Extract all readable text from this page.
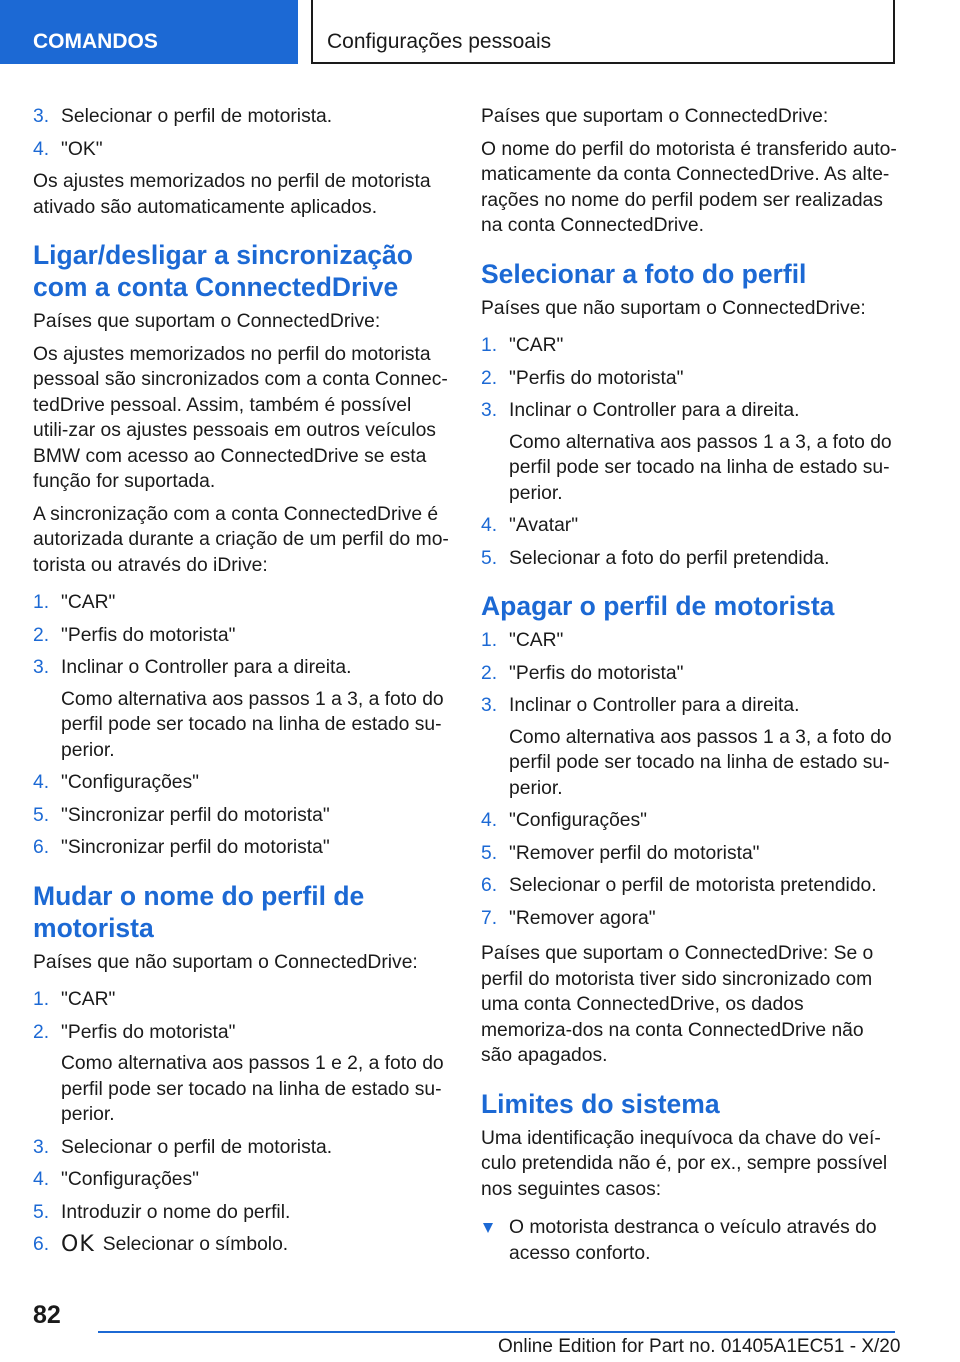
COMANDOS	Configurações pessoais
3. Selecionar o perfil de motorista.
4. "OK"

Os ajustes memorizados no perfil de motorista ativado são automaticamente aplicados.

Ligar/desligar a sincronização com a conta ConnectedDrive

Países que suportam o ConnectedDrive:

Os ajustes memorizados no perfil do motorista pessoal são sincronizados com a conta Connec-tedDrive pessoal. Assim, também é possível utili-zar os ajustes pessoais em outros veículos BMW com acesso ao ConnectedDrive se esta função for suportada.

A sincronização com a conta ConnectedDrive é autorizada durante a criação de um perfil do mo-torista ou através do iDrive:

1. "CAR"
2. "Perfis do motorista"
3. Inclinar o Controller para a direita.
Como alternativa aos passos 1 a 3, a foto do perfil pode ser tocado na linha de estado su-perior.
4. "Configurações"
5. "Sincronizar perfil do motorista"
6. "Sincronizar perfil do motorista"
Mudar o nome do perfil de motorista

Países que não suportam o ConnectedDrive:

1. "CAR"
2. "Perfis do motorista"
Como alternativa aos passos 1 e 2, a foto do perfil pode ser tocado na linha de estado su-perior.
3. Selecionar o perfil de motorista.
4. "Configurações"
5. Introduzir o nome do perfil.
6. OK Selecionar o símbolo.

Países que suportam o ConnectedDrive:

O nome do perfil do motorista é transferido auto-maticamente da conta ConnectedDrive. As alte-rações no nome do perfil podem ser realizadas na conta ConnectedDrive.

Selecionar a foto do perfil

Países que não suportam o ConnectedDrive:

1. "CAR"
2. "Perfis do motorista"
3. Inclinar o Controller para a direita.
Como alternativa aos passos 1 a 3, a foto do perfil pode ser tocado na linha de estado su-perior.
4. "Avatar"
5. Selecionar a foto do perfil pretendida.
Apagar o perfil de motorista
1. "CAR"
2. "Perfis do motorista"
3. Inclinar o Controller para a direita.
Como alternativa aos passos 1 a 3, a foto do perfil pode ser tocado na linha de estado su-perior.
4. "Configurações"
5. "Remover perfil do motorista"
6. Selecionar o perfil de motorista pretendido.
7. "Remover agora"

Países que suportam o ConnectedDrive: Se o perfil do motorista tiver sido sincronizado com uma conta ConnectedDrive, os dados memoriza-dos na conta ConnectedDrive não são apagados.

Limites do sistema

Uma identificação inequívoca da chave do veí-culo pretendida não é, por ex., sempre possível nos seguintes casos:

O motorista destranca o veículo através do acesso conforto.
82
Online Edition for Part no. 01405A1EC51 - X/20
